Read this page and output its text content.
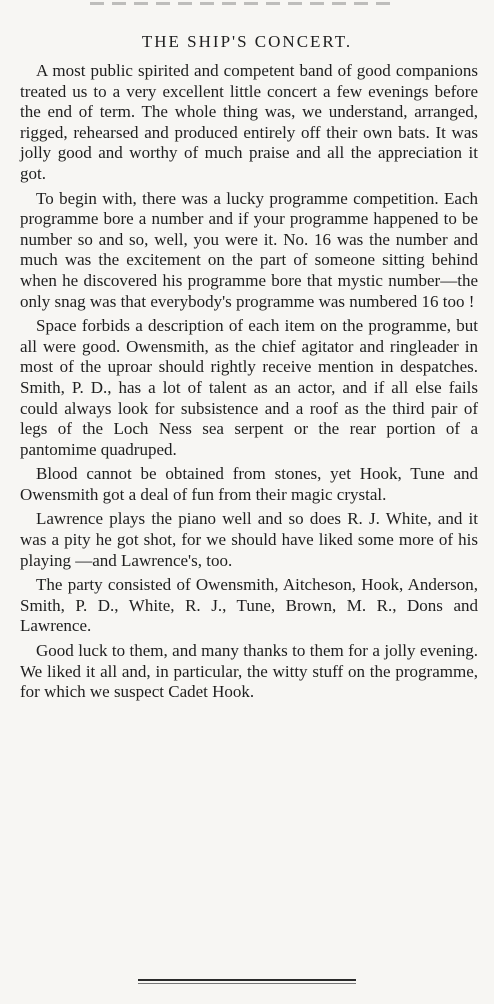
THE SHIP'S CONCERT.

A most public spirited and competent band of good companions treated us to a very excellent little concert a few evenings before the end of term. The whole thing was, we understand, arranged, rigged, rehearsed and produced entirely off their own bats. It was jolly good and worthy of much praise and all the appreciation it got.

To begin with, there was a lucky programme competition. Each programme bore a number and if your programme happened to be number so and so, well, you were it. No. 16 was the number and much was the excitement on the part of someone sitting behind when he discovered his programme bore that mystic number—the only snag was that everybody's programme was numbered 16 too !

Space forbids a description of each item on the programme, but all were good. Owensmith, as the chief agitator and ringleader in most of the uproar should rightly receive mention in despatches. Smith, P. D., has a lot of talent as an actor, and if all else fails could always look for subsistence and a roof as the third pair of legs of the Loch Ness sea serpent or the rear portion of a pantomime quadruped.

Blood cannot be obtained from stones, yet Hook, Tune and Owensmith got a deal of fun from their magic crystal.

Lawrence plays the piano well and so does R. J. White, and it was a pity he got shot, for we should have liked some more of his playing —and Lawrence's, too.

The party consisted of Owensmith, Aitcheson, Hook, Anderson, Smith, P. D., White, R. J., Tune, Brown, M. R., Dons and Lawrence.

Good luck to them, and many thanks to them for a jolly evening. We liked it all and, in particular, the witty stuff on the programme, for which we suspect Cadet Hook.
